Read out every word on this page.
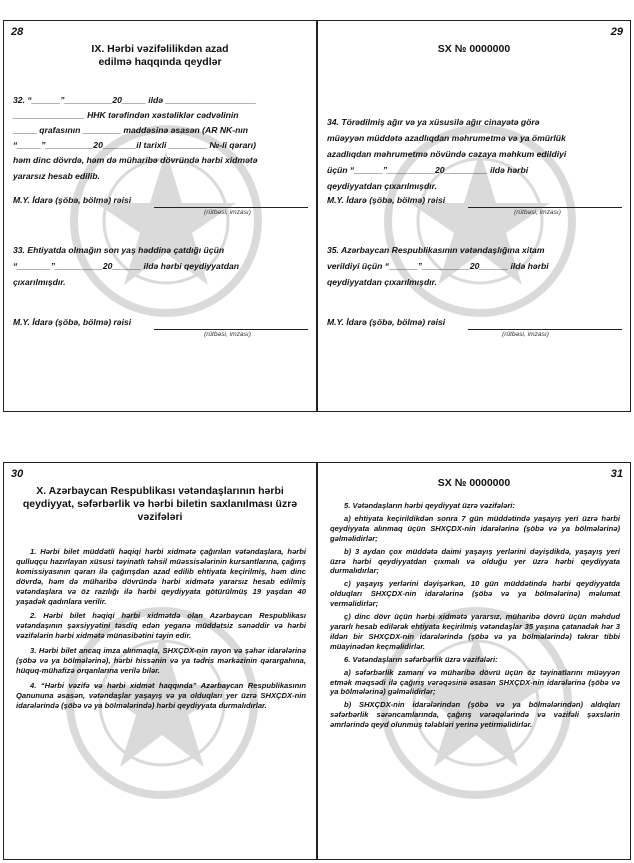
28
IX. Hərbi vəzifəlilikdən azad edilmə haqqında qeydlər
32. “______”__________20_____ ildə ___________________
_______________ HHK tərəfindən xəstəliklər cədvəlinin
_____ qrafasının ________ maddəsinə əsasən (AR NK-nın
“_____”__________20_______il tarixli ________ №-li qərarı)
həm dinc dövrdə, həm də müharibə dövründə hərbi xidmətə
yararsız hesab edilib.
M.Y. İdarə (şöbə, bölmə) rəisi
(rütbəsi, imzası)
33. Ehtiyatda olmağın son yaş həddinə çatdığı üçün
“_______”__________20______ ildə hərbi qeydiyyatdan
çıxarılmışdır.
M.Y. İdarə (şöbə, bölmə) rəisi
(rütbəsi, imzası)
29
SX № 0000000
34. Törədilmiş ağır və ya xüsusilə ağır cinayətə görə
müəyyən müddətə azadlıqdan məhrumetmə və ya ömürlük
azadlıqdan məhrumetmə növündə cəzaya məhkum edildiyi
üçün “______”__________20_________ ildə hərbi
qeydiyyatdan çıxarılmışdır.
M.Y. İdarə (şöbə, bölmə) rəisi
(rütbəsi, imzası)
35. Azərbaycan Respublikasının vətəndaşlığına xitam
verildiyi üçün “______”__________20______ ildə hərbi
qeydiyyatdan çıxarılmışdır.
M.Y. İdarə (şöbə, bölmə) rəisi
(rütbəsi, imzası)
30
X. Azərbaycan Respublikası vətəndaşlarının hərbi qeydiyyat, səfərbərlik və hərbi biletin saxlanılması üzrə vəzifələri

1. Hərbi bilet müddətli həqiqi hərbi xidmətə çağırılan vətəndaşlara, hərbi qulluqçu hazırlayan xüsusi təyinatlı təhsil müəssisələrinin kursantlarına, çağırış komissiyasının qərarı ilə çağırışdan azad edilib ehtiyata keçirilmiş, həm dinc dövrdə, həm də müharibə dövründə hərbi xidmətə yararsız hesab edilmiş vətəndaşlara və öz razılığı ilə hərbi qeydiyyata götürülmüş 19 yaşdan 40 yaşadək qadınlara verilir.

2. Hərbi bilet həqiqi hərbi xidmətdə olan Azərbaycan Respublikası vətəndaşının şəxsiyyətini təsdiq edən yeganə müddətsiz sənəddir və hərbi vəzifələrin hərbi xidmətə münasibətini təyin edir.

3. Hərbi bilet ancaq imza alınmaqla, SHXÇDX-nin rayon və şəhər idarələrinə (şöbə və ya bölmələrinə), hərbi hissənin və ya tədris mərkəzinin qərargahına, hüquq-mühafizə orqanlarına verilə bilər.

4. “Hərbi vəzifə və hərbi xidmət haqqında” Azərbaycan Respublikasının Qanununa əsasən, vətəndaşlar yaşayış və ya olduqları yer üzrə SHXÇDX-nin idarələrində (şöbə və ya bölmələrində) hərbi qeydiyyata durmalıdırlar.

31
SX № 0000000

5. Vətəndaşların hərbi qeydiyyat üzrə vəzifələri:

a) ehtiyata keçirildikdən sonra 7 gün müddətində yaşayış yeri üzrə hərbi qeydiyyata alınmaq üçün SHXÇDX-nin idarələrinə (şöbə və ya bölmələrinə) gəlməlidirlər;

b) 3 aydan çox müddətə daimi yaşayış yerlərini dəyişdikdə, yaşayış yeri üzrə hərbi qeydiyyatdan çıxmalı və olduğu yer üzrə hərbi qeydiyyata durmalıdırlar;

c) yaşayış yerlərini dəyişərkən, 10 gün müddətində hərbi qeydiyyatda olduqları SHXÇDX-nin idarələrinə (şöbə və ya bölmələrinə) məlumat verməlidirlər;

ç) dinc dövr üçün hərbi xidmətə yararsız, müharibə dövrü üçün məhdud yararlı hesab edilərək ehtiyata keçirilmiş vətəndaşlar 35 yaşına çatanadək hər 3 ildən bir SHXÇDX-nin idarələrində (şöbə və ya bölmələrində) təkrar tibbi müayinədən keçməlidirlər.

6. Vətəndaşların səfərbərlik üzrə vəzifələri:

a) səfərbərlik zamanı və müharibə dövrü üçün öz təyinatlarını müəyyən etmək məqsədi ilə çağırış vərəqəsinə əsasən SHXÇDX-nin idarələrinə (şöbə və ya bölmələrinə) gəlməlidirlər;

b) SHXÇDX-nin idarələrindən (şöbə və ya bölmələrindən) aldıqları səfərbərlik sərəncamlarında, çağırış vərəqələrində və vəzifəli şəxslərin əmrlərində qeyd olunmuş tələbləri yerinə yetirməlidirlər.
